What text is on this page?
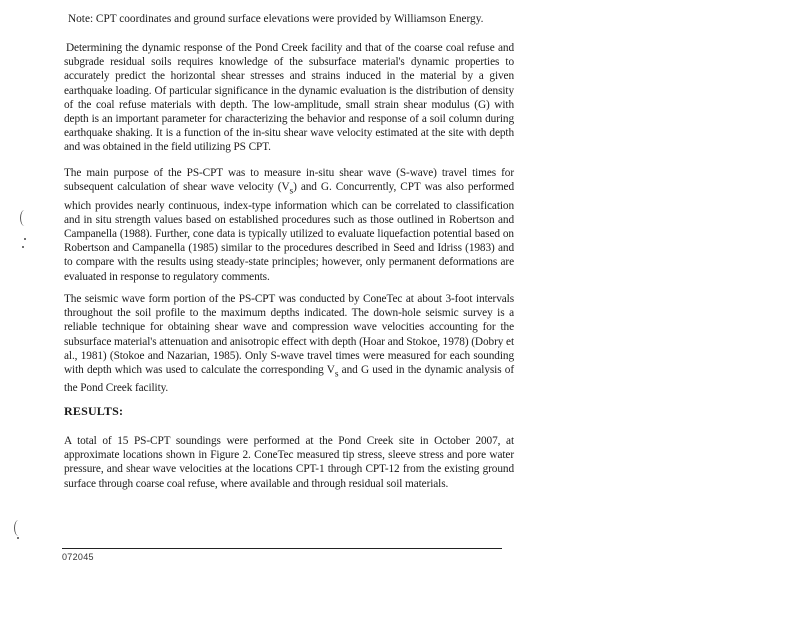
Note: CPT coordinates and ground surface elevations were provided by Williamson Energy.
Determining the dynamic response of the Pond Creek facility and that of the coarse coal refuse and subgrade residual soils requires knowledge of the subsurface material's dynamic properties to accurately predict the horizontal shear stresses and strains induced in the material by a given earthquake loading. Of particular significance in the dynamic evaluation is the distribution of density of the coal refuse materials with depth. The low-amplitude, small strain shear modulus (G) with depth is an important parameter for characterizing the behavior and response of a soil column during earthquake shaking. It is a function of the in-situ shear wave velocity estimated at the site with depth and was obtained in the field utilizing PS CPT.
The main purpose of the PS-CPT was to measure in-situ shear wave (S-wave) travel times for subsequent calculation of shear wave velocity $(V_s)$ and G. Concurrently, CPT was also performed which provides nearly continuous, index-type information which can be correlated to classification and in situ strength values based on established procedures such as those outlined in Robertson and Campanella (1988). Further, cone data is typically utilized to evaluate liquefaction potential based on Robertson and Campanella (1985) similar to the procedures described in Seed and Idriss (1983) and to compare with the results using steady-state principles; however, only permanent deformations are evaluated in response to regulatory comments.
The seismic wave form portion of the PS-CPT was conducted by ConeTec at about 3-foot intervals throughout the soil profile to the maximum depths indicated. The down-hole seismic survey is a reliable technique for obtaining shear wave and compression wave velocities accounting for the subsurface material's attenuation and anisotropic effect with depth (Hoar and Stokoe, 1978) (Dobry et al., 1981) (Stokoe and Nazarian, 1985). Only S-wave travel times were measured for each sounding with depth which was used to calculate the corresponding $V_s$ and G used in the dynamic analysis of the Pond Creek facility.
RESULTS:
A total of 15 PS-CPT soundings were performed at the Pond Creek site in October 2007, at approximate locations shown in Figure 2. ConeTec measured tip stress, sleeve stress and pore water pressure, and shear wave velocities at the locations CPT-1 through CPT-12 from the existing ground surface through coarse coal refuse, where available and through residual soil materials.
072045
